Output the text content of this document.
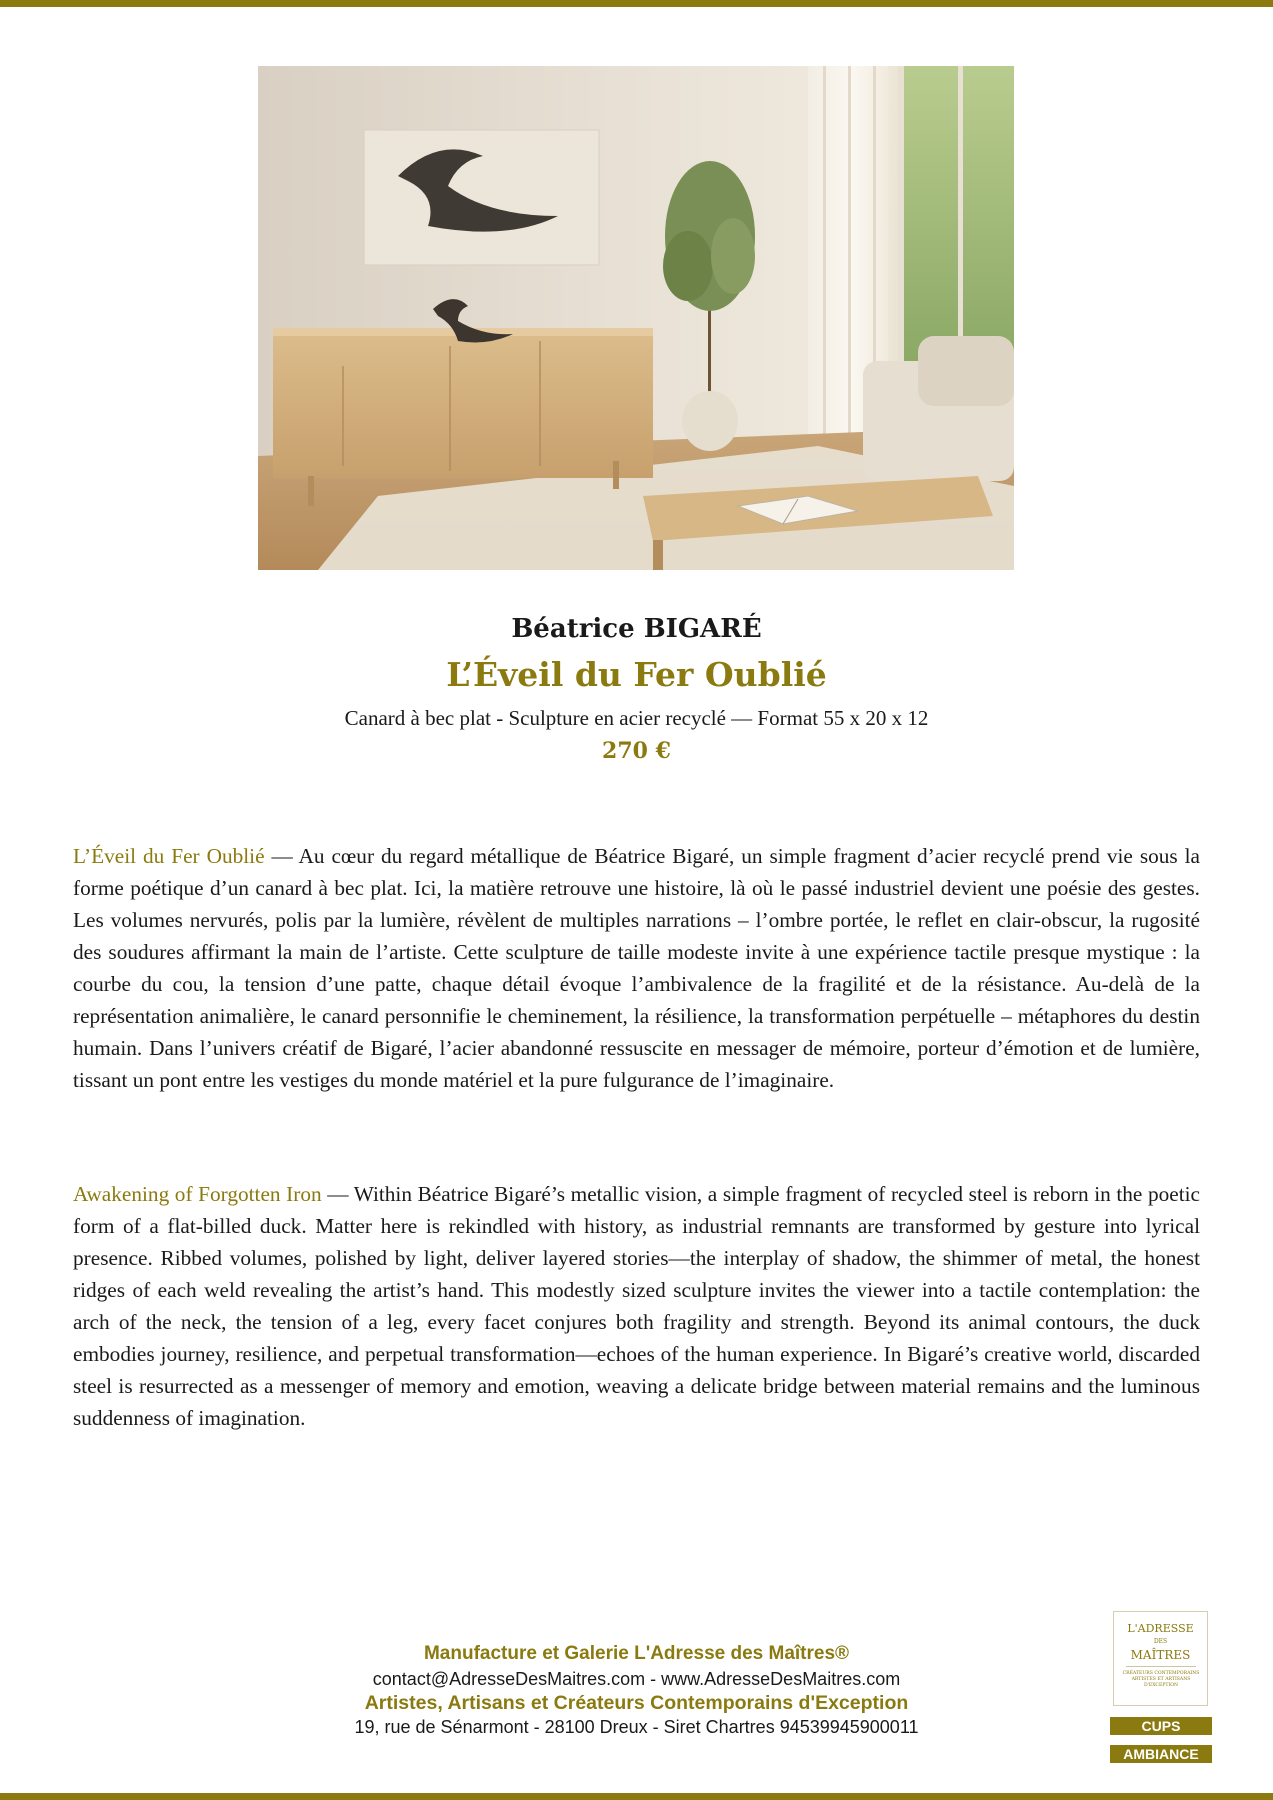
Béatrice BIGARÉ
L’Éveil du Fer Oublié
Canard à bec plat - Sculpture en acier recyclé — Format 55 x 20 x 12
270 €

L’Éveil du Fer Oublié — Au cœur du regard métallique de Béatrice Bigaré, un simple fragment d’acier recyclé prend vie sous la forme poétique d’un canard à bec plat. Ici, la matière retrouve une histoire, là où le passé industriel devient une poésie des gestes. Les volumes nervurés, polis par la lumière, révèlent de multiples narrations – l’ombre portée, le reflet en clair-obscur, la rugosité des soudures affirmant la main de l’artiste. Cette sculpture de taille modeste invite à une expérience tactile presque mystique : la courbe du cou, la tension d’une patte, chaque détail évoque l’ambivalence de la fragilité et de la résistance. Au-delà de la représentation animalière, le canard personnifie le cheminement, la résilience, la transformation perpétuelle – métaphores du destin humain. Dans l’univers créatif de Bigaré, l’acier abandonné ressuscite en messager de mémoire, porteur d’émotion et de lumière, tissant un pont entre les vestiges du monde matériel et la pure fulgurance de l’imaginaire.

Awakening of Forgotten Iron — Within Béatrice Bigaré’s metallic vision, a simple fragment of recycled steel is reborn in the poetic form of a flat-billed duck. Matter here is rekindled with history, as industrial remnants are transformed by gesture into lyrical presence. Ribbed volumes, polished by light, deliver layered stories—the interplay of shadow, the shimmer of metal, the honest ridges of each weld revealing the artist’s hand. This modestly sized sculpture invites the viewer into a tactile contemplation: the arch of the neck, the tension of a leg, every facet conjures both fragility and strength. Beyond its animal contours, the duck embodies journey, resilience, and perpetual transformation—echoes of the human experience. In Bigaré’s creative world, discarded steel is resurrected as a messenger of memory and emotion, weaving a delicate bridge between material remains and the luminous suddenness of imagination.

Manufacture et Galerie L'Adresse des Maîtres®
contact@AdresseDesMaitres.com - www.AdresseDesMaitres.com
Artistes, Artisans et Créateurs Contemporains d'Exception
19, rue de Sénarmont - 28100 Dreux - Siret Chartres 94539945900011
L'ADRESSE
DES
MAÎTRES
CRÉATEURS CONTEMPORAINS ARTISTES ET ARTISANS D'EXCEPTION
CUPS
AMBIANCE
